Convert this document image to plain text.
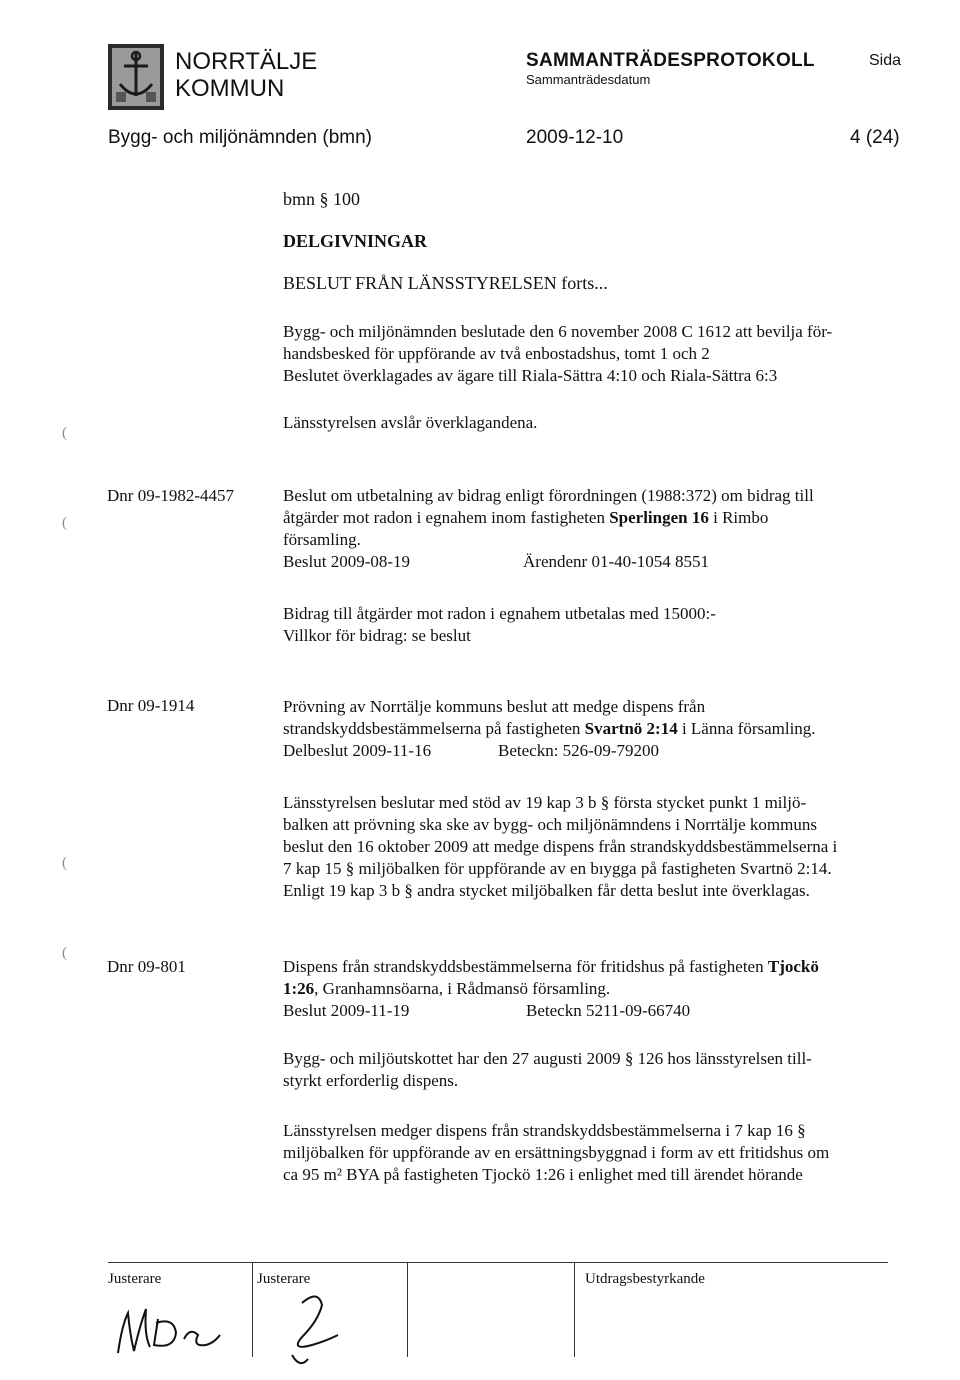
NORRTÄLJE
KOMMUN
SAMMANTRÄDESPROTOKOLL
Sammanträdesdatum
Sida
Bygg- och miljönämnden (bmn)	2009-12-10	4 (24)
bmn § 100
DELGIVNINGAR
BESLUT FRÅN LÄNSSTYRELSEN forts...
Bygg- och miljönämnden beslutade den 6 november 2008 C 1612 att bevilja för-
handsbesked för uppförande av två enbostadshus, tomt 1 och 2
Beslutet överklagades av ägare till Riala-Sättra 4:10 och Riala-Sättra 6:3
Länsstyrelsen avslår överklagandena.
(
(
Dnr 09-1982-4457	Beslut om utbetalning av bidrag enligt förordningen (1988:372) om bidrag till
åtgärder mot radon i egnahem inom fastigheten Sperlingen 16 i Rimbo
församling.
Beslut 2009-08-19	Ärendenr 01-40-1054 8551
Bidrag till åtgärder mot radon i egnahem utbetalas med 15000:-
Villkor för bidrag: se beslut
Dnr 09-1914	Prövning av Norrtälje kommuns beslut att medge dispens från
strandskyddsbestämmelserna på fastigheten Svartnö 2:14 i Länna församling.
Delbeslut 2009-11-16	Beteckn: 526-09-79200
Länsstyrelsen beslutar med stöd av 19 kap 3 b § första stycket punkt 1 miljö-
balken att prövning ska ske av bygg- och miljönämndens i Norrtälje kommuns
beslut den 16 oktober 2009 att medge dispens från strandskyddsbestämmelserna i
7 kap 15 § miljöbalken för uppförande av en bıygga på fastigheten Svartnö 2:14.
Enligt 19 kap 3 b § andra stycket miljöbalken får detta beslut inte överklagas.
(
(
Dnr 09-801	Dispens från strandskyddsbestämmelserna för fritidshus på fastigheten Tjockö
1:26, Granhamnsöarna, i Rådmansö församling.
Beslut 2009-11-19	Beteckn 5211-09-66740
Bygg- och miljöutskottet har den 27 augusti 2009 § 126 hos länsstyrelsen till-
styrkt erforderlig dispens.
Länsstyrelsen medger dispens från strandskyddsbestämmelserna i 7 kap 16 §
miljöbalken för uppförande av en ersättningsbyggnad i form av ett fritidshus om
ca 95 m² BYA på fastigheten Tjockö 1:26 i enlighet med till ärendet hörande
Justerare	Justerare	Utdragsbestyrkande
